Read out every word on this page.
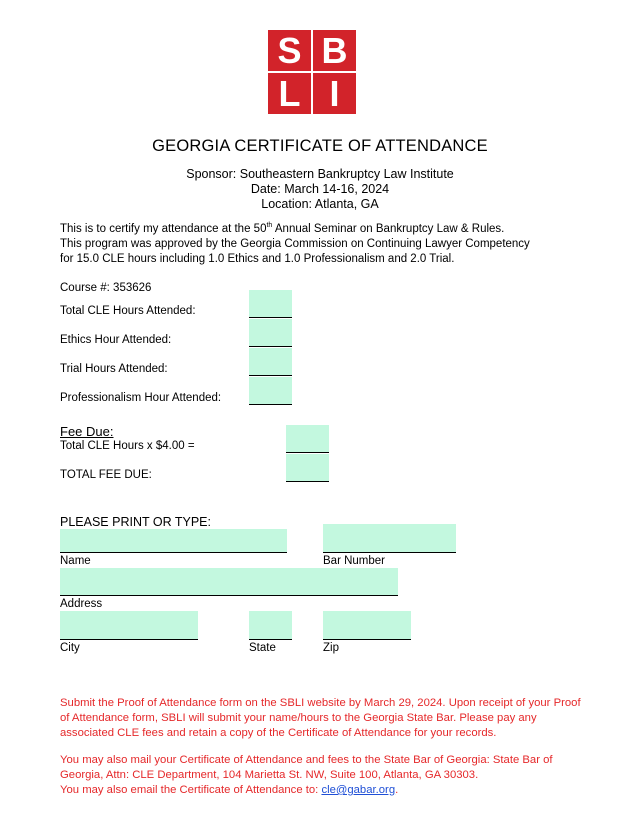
S B
L I
GEORGIA CERTIFICATE OF ATTENDANCE
Sponsor: Southeastern Bankruptcy Law Institute
Date: March 14-16, 2024
Location: Atlanta, GA
This is to certify my attendance at the 50th Annual Seminar on Bankruptcy Law & Rules.
This program was approved by the Georgia Commission on Continuing Lawyer Competency
for 15.0 CLE hours including 1.0 Ethics and 1.0 Professionalism and 2.0 Trial.
Course #: 353626
Total CLE Hours Attended:
Ethics Hour Attended:
Trial Hours Attended:
Professionalism Hour Attended:
Fee Due:
Total CLE Hours x $4.00 =
TOTAL FEE DUE:
PLEASE PRINT OR TYPE:
Name	Bar Number
Address
City	State	Zip
Submit the Proof of Attendance form on the SBLI website by March 29, 2024. Upon receipt of your Proof of Attendance form, SBLI will submit your name/hours to the Georgia State Bar. Please pay any associated CLE fees and retain a copy of the Certificate of Attendance for your records.
You may also mail your Certificate of Attendance and fees to the State Bar of Georgia: State Bar of Georgia, Attn: CLE Department, 104 Marietta St. NW, Suite 100, Atlanta, GA 30303.
You may also email the Certificate of Attendance to: cle@gabar.org.
